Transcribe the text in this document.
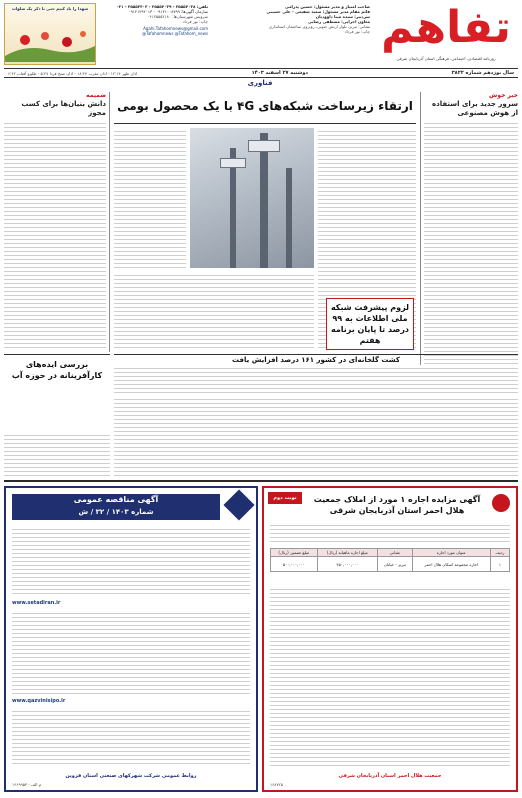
تفاهم
روزنامه اقتصادی، اجتماعی، فرهنگی استان آذربایجان شرقی
صاحب امتیاز و مدیر مسئول: حسین پدرامی
قائم مقام مدیر مسئول: سعید شفیعی - علی حسینی
سردبیر: سیده مینا داوودیان
معاون اجرایی: مصطفی رضایی
نشانی: تبریز، بلوار ارتش جنوبی، روبروی ساختمان استانداری
چاپ: نور فرداد
تلفن: ۳۵۵۵۴۰۳۸ - ۳۵۵۵۴۰۳۹ - ۳۵۵۵۴۴۰۳ - ۰۴۱
سازمان آگهی‌ها: ۰۹۱۴۱۰۰۸۷۹۹ - ۰۹۱۲۱۲۹۲۰۱۳
سرویس شهرستان‌ها: ۰۴۱۳۵۵۵۲۱۸۰
چاپ: نور فرداد
Agahi.Tafahomnews@gmail.com
@Tafahomnews @Tafahom_news
شهدا را یاد کنیم حتی با ذکر یک صلوات
سال نوزدهم شماره ۳۸۲۲
دوشنبه ۲۷ اسفند ۱۴۰۳
اذان ظهر ۱۲:۱۴ - اذان مغرب ۱۸:۲۴ - اذان صبح فردا ۵:۲۷ - طلوع آفتاب ۶:۴۲
فناوری
ارتقاء زیرساخت شبکه‌های ۴G با یک محصول بومی
خبر خوش
سرور جدید برای استفاده از هوش مصنوعی
ضمیمه
دانش بنیان‌ها برای کسب مجوز
لزوم پیشرفت شبکه ملی اطلاعات به ۹۹ درصد تا پایان برنامه هفتم
کشت گلخانه‌ای در کشور ۱۶۱ درصد افزایش یافت
بررسی ایده‌های کارآفرینانه در حوزه آب
نوبت دوم	آگهی مزایده اجاره ۱ مورد از املاک جمعیت هلال احمر استان آذربایجان شرقی
ردیف	عنوان مورد اجاره	نشانی	مبلغ اجاره ماهیانه (ریال)	مبلغ تضمین (ریال)
۱	اجاره مجموعه اسکان هلال احمر	تبریز - خیابان	۴۵۰,۰۰۰,۰۰۰	۵۰۰,۰۰۰,۰۰۰
جمعیت هلال احمر استان آذربایجان شرقی
۱۶۸۷۲۵
آگهی مناقصه عمومی
شماره ۱۴۰۳ / ۳۲ / ش
www.setadiran.ir
www.qazvinisipo.ir
روابط عمومی شرکت شهرکهای صنعتی استان قزوین
م الف - ۱۶۶۹۹۵۳
